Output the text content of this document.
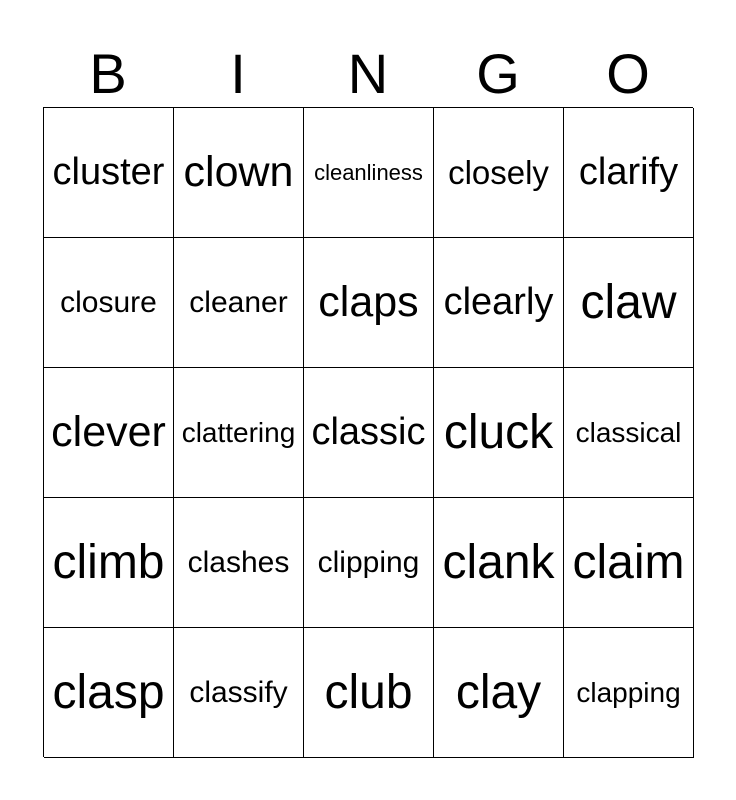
B	I	N	G	O
cluster clown cleanliness closely clarify
closure cleaner claps clearly claw
clever clattering classic cluck classical
climb clashes clipping clank claim
clasp classify club clay clapping
